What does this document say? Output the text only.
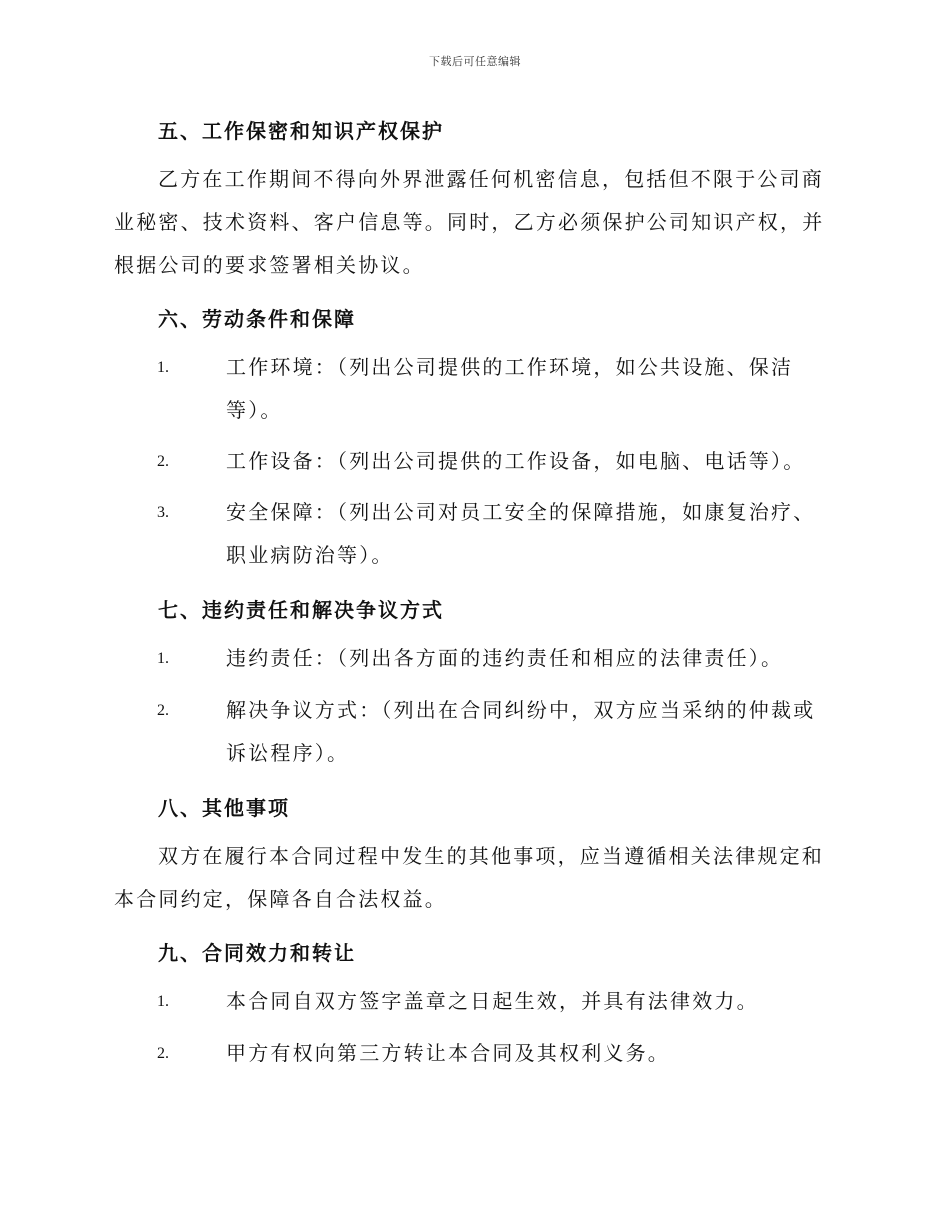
下载后可任意编辑
五、工作保密和知识产权保护
乙方在工作期间不得向外界泄露任何机密信息，包括但不限于公司商业秘密、技术资料、客户信息等。同时，乙方必须保护公司知识产权，并根据公司的要求签署相关协议。
六、劳动条件和保障
1.	工作环境：（列出公司提供的工作环境，如公共设施、保洁等）。
2.	工作设备：（列出公司提供的工作设备，如电脑、电话等）。
3.	安全保障：（列出公司对员工安全的保障措施，如康复治疗、职业病防治等）。
七、违约责任和解决争议方式
1.	违约责任：（列出各方面的违约责任和相应的法律责任）。
2.	解决争议方式：（列出在合同纠纷中，双方应当采纳的仲裁或诉讼程序）。
八、其他事项
双方在履行本合同过程中发生的其他事项，应当遵循相关法律规定和本合同约定，保障各自合法权益。
九、合同效力和转让
1.	本合同自双方签字盖章之日起生效，并具有法律效力。
2.	甲方有权向第三方转让本合同及其权利义务。
